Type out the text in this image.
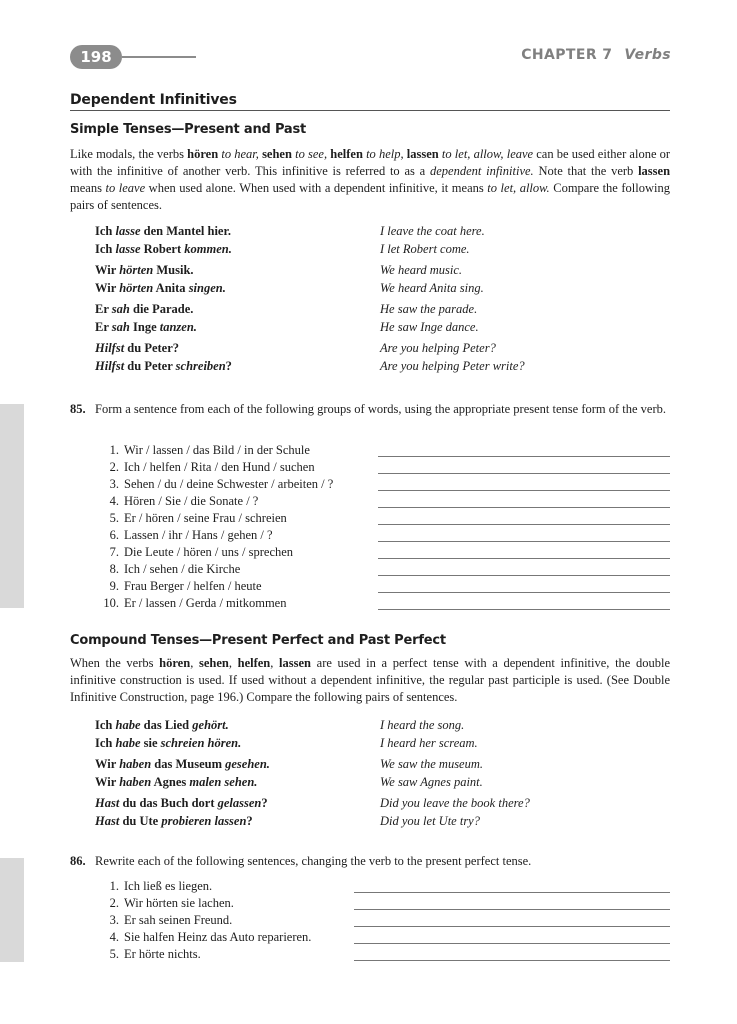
198	CHAPTER 7 Verbs
Dependent Infinitives
Simple Tenses—Present and Past
Like modals, the verbs hören to hear, sehen to see, helfen to help, lassen to let, allow, leave can be used either alone or with the infinitive of another verb. This infinitive is referred to as a dependent infinitive. Note that the verb lassen means to leave when used alone. When used with a dependent infinitive, it means to let, allow. Compare the following pairs of sentences.
Ich lasse den Mantel hier.	I leave the coat here.
Ich lasse Robert kommen.	I let Robert come.
Wir hörten Musik.	We heard music.
Wir hörten Anita singen.	We heard Anita sing.
Er sah die Parade.	He saw the parade.
Er sah Inge tanzen.	He saw Inge dance.
Hilfst du Peter?	Are you helping Peter?
Hilfst du Peter schreiben?	Are you helping Peter write?
85. Form a sentence from each of the following groups of words, using the appropriate present tense form of the verb.
1. Wir / lassen / das Bild / in der Schule
2. Ich / helfen / Rita / den Hund / suchen
3. Sehen / du / deine Schwester / arbeiten / ?
4. Hören / Sie / die Sonate / ?
5. Er / hören / seine Frau / schreien
6. Lassen / ihr / Hans / gehen / ?
7. Die Leute / hören / uns / sprechen
8. Ich / sehen / die Kirche
9. Frau Berger / helfen / heute
10. Er / lassen / Gerda / mitkommen
Compound Tenses—Present Perfect and Past Perfect
When the verbs hören, sehen, helfen, lassen are used in a perfect tense with a dependent infinitive, the double infinitive construction is used. If used without a dependent infinitive, the regular past participle is used. (See Double Infinitive Construction, page 196.) Compare the following pairs of sentences.
Ich habe das Lied gehört.	I heard the song.
Ich habe sie schreien hören.	I heard her scream.
Wir haben das Museum gesehen.	We saw the museum.
Wir haben Agnes malen sehen.	We saw Agnes paint.
Hast du das Buch dort gelassen?	Did you leave the book there?
Hast du Ute probieren lassen?	Did you let Ute try?
86. Rewrite each of the following sentences, changing the verb to the present perfect tense.
1. Ich ließ es liegen.
2. Wir hörten sie lachen.
3. Er sah seinen Freund.
4. Sie halfen Heinz das Auto reparieren.
5. Er hörte nichts.
